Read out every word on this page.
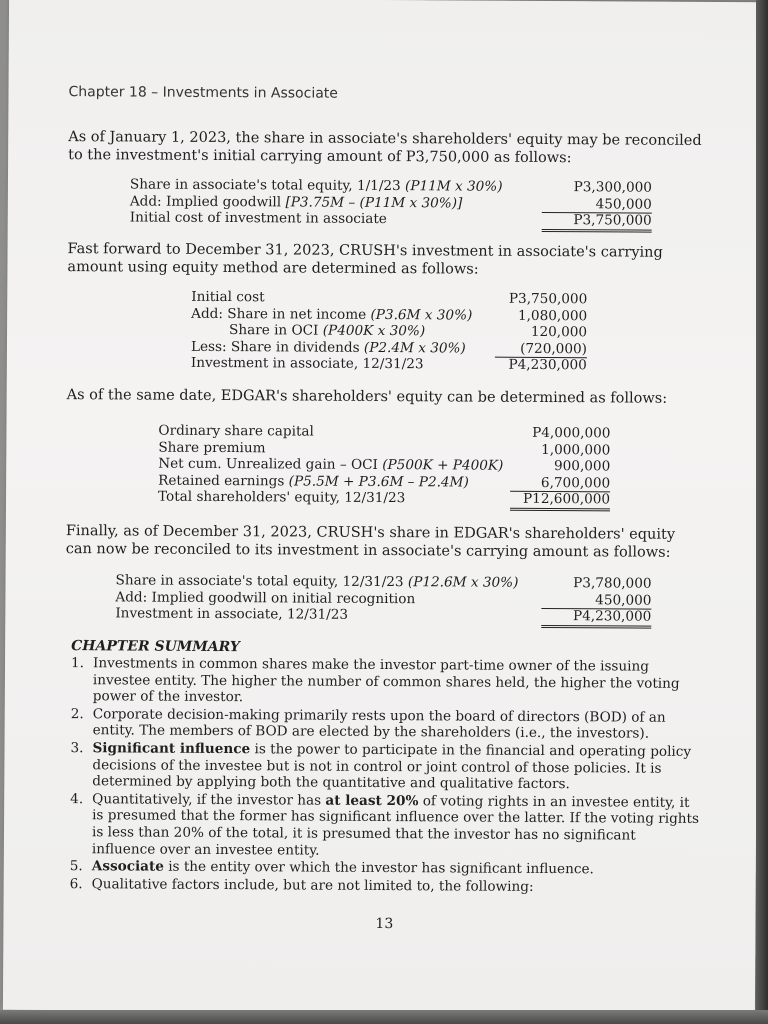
Chapter 18 – Investments in Associate
As of January 1, 2023, the share in associate's shareholders' equity may be reconciled to the investment's initial carrying amount of P3,750,000 as follows:
Share in associate's total equity, 1/1/23 (P11M x 30%)	P3,300,000
Add: Implied goodwill [P3.75M – (P11M x 30%)]	450,000
Initial cost of investment in associate	P3,750,000
Fast forward to December 31, 2023, CRUSH's investment in associate's carrying amount using equity method are determined as follows:
Initial cost	P3,750,000
Add: Share in net income (P3.6M x 30%)	1,080,000
Share in OCI (P400K x 30%)	120,000
Less: Share in dividends (P2.4M x 30%)	(720,000)
Investment in associate, 12/31/23	P4,230,000
As of the same date, EDGAR's shareholders' equity can be determined as follows:
Ordinary share capital	P4,000,000
Share premium	1,000,000
Net cum. Unrealized gain – OCI (P500K + P400K)	900,000
Retained earnings (P5.5M + P3.6M – P2.4M)	6,700,000
Total shareholders' equity, 12/31/23	P12,600,000
Finally, as of December 31, 2023, CRUSH's share in EDGAR's shareholders' equity can now be reconciled to its investment in associate's carrying amount as follows:
Share in associate's total equity, 12/31/23 (P12.6M x 30%)	P3,780,000
Add: Implied goodwill on initial recognition	450,000
Investment in associate, 12/31/23	P4,230,000
CHAPTER SUMMARY
1. Investments in common shares make the investor part-time owner of the issuing investee entity. The higher the number of common shares held, the higher the voting power of the investor.
2. Corporate decision-making primarily rests upon the board of directors (BOD) of an entity. The members of BOD are elected by the shareholders (i.e., the investors).
3. Significant influence is the power to participate in the financial and operating policy decisions of the investee but is not in control or joint control of those policies. It is determined by applying both the quantitative and qualitative factors.
4. Quantitatively, if the investor has at least 20% of voting rights in an investee entity, it is presumed that the former has significant influence over the latter. If the voting rights is less than 20% of the total, it is presumed that the investor has no significant influence over an investee entity.
5. Associate is the entity over which the investor has significant influence.
6. Qualitative factors include, but are not limited to, the following:
13
